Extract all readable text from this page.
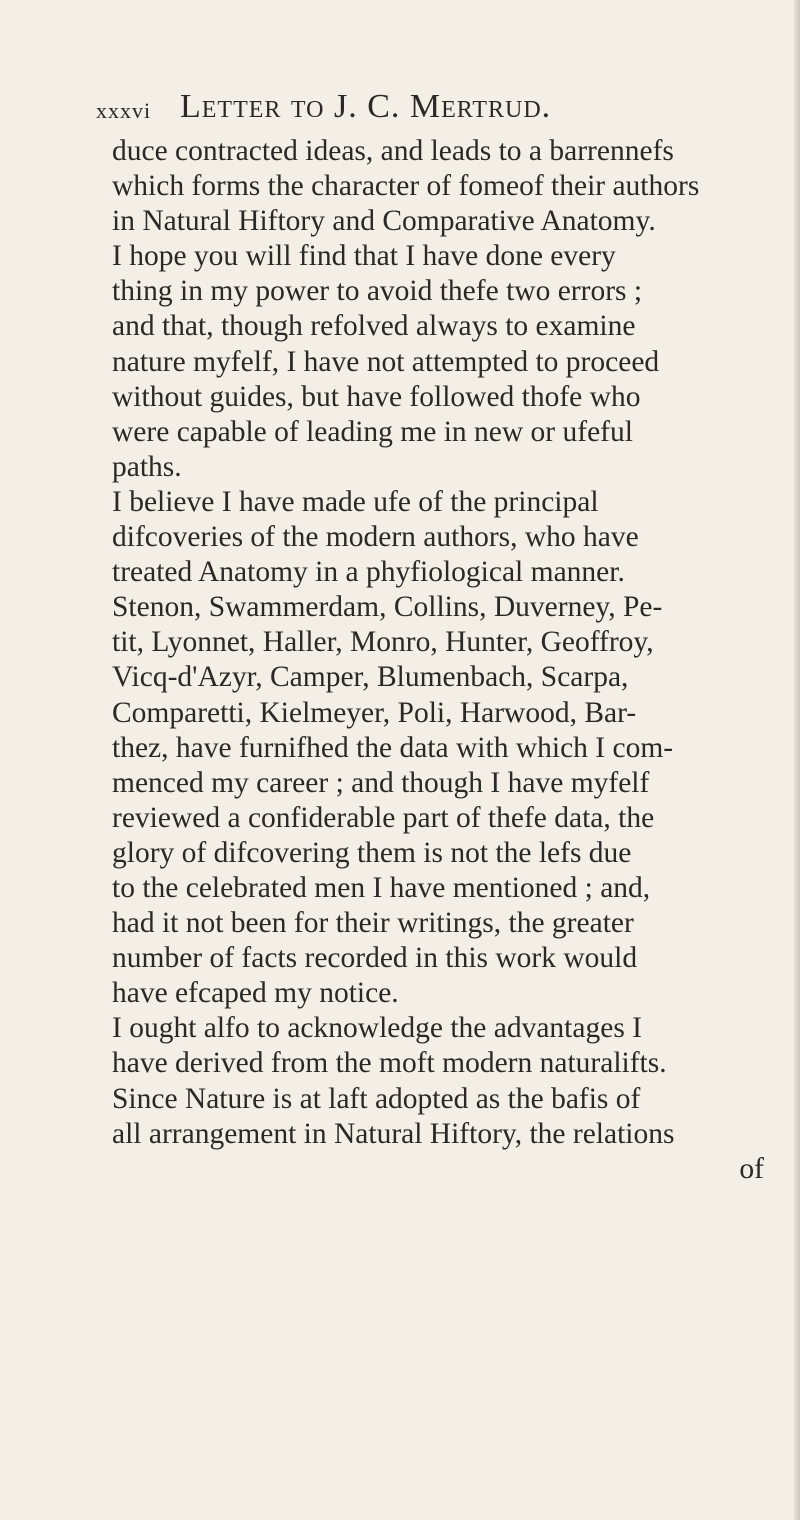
xxxvi Letter to J. C. Mertrud.
duce contracted ideas, and leads to a barrennefs
which forms the character of fomeof their authors
in Natural Hiftory and Comparative Anatomy.
I hope you will find that I have done every
thing in my power to avoid thefe two errors ;
and that, though refolved always to examine
nature myfelf, I have not attempted to proceed
without guides, but have followed thofe who
were capable of leading me in new or ufeful
paths.
I believe I have made ufe of the principal
difcoveries of the modern authors, who have
treated Anatomy in a phyfiological manner.
Stenon, Swammerdam, Collins, Duverney, Pe-
tit, Lyonnet, Haller, Monro, Hunter, Geoffroy,
Vicq-d'Azyr, Camper, Blumenbach, Scarpa,
Comparetti, Kielmeyer, Poli, Harwood, Bar-
thez, have furnifhed the data with which I com-
menced my career ; and though I have myfelf
reviewed a confiderable part of thefe data, the
glory of difcovering them is not the lefs due
to the celebrated men I have mentioned ; and,
had it not been for their writings, the greater
number of facts recorded in this work would
have efcaped my notice.
I ought alfo to acknowledge the advantages I
have derived from the moft modern naturalifts.
Since Nature is at laft adopted as the bafis of
all arrangement in Natural Hiftory, the relations
of
